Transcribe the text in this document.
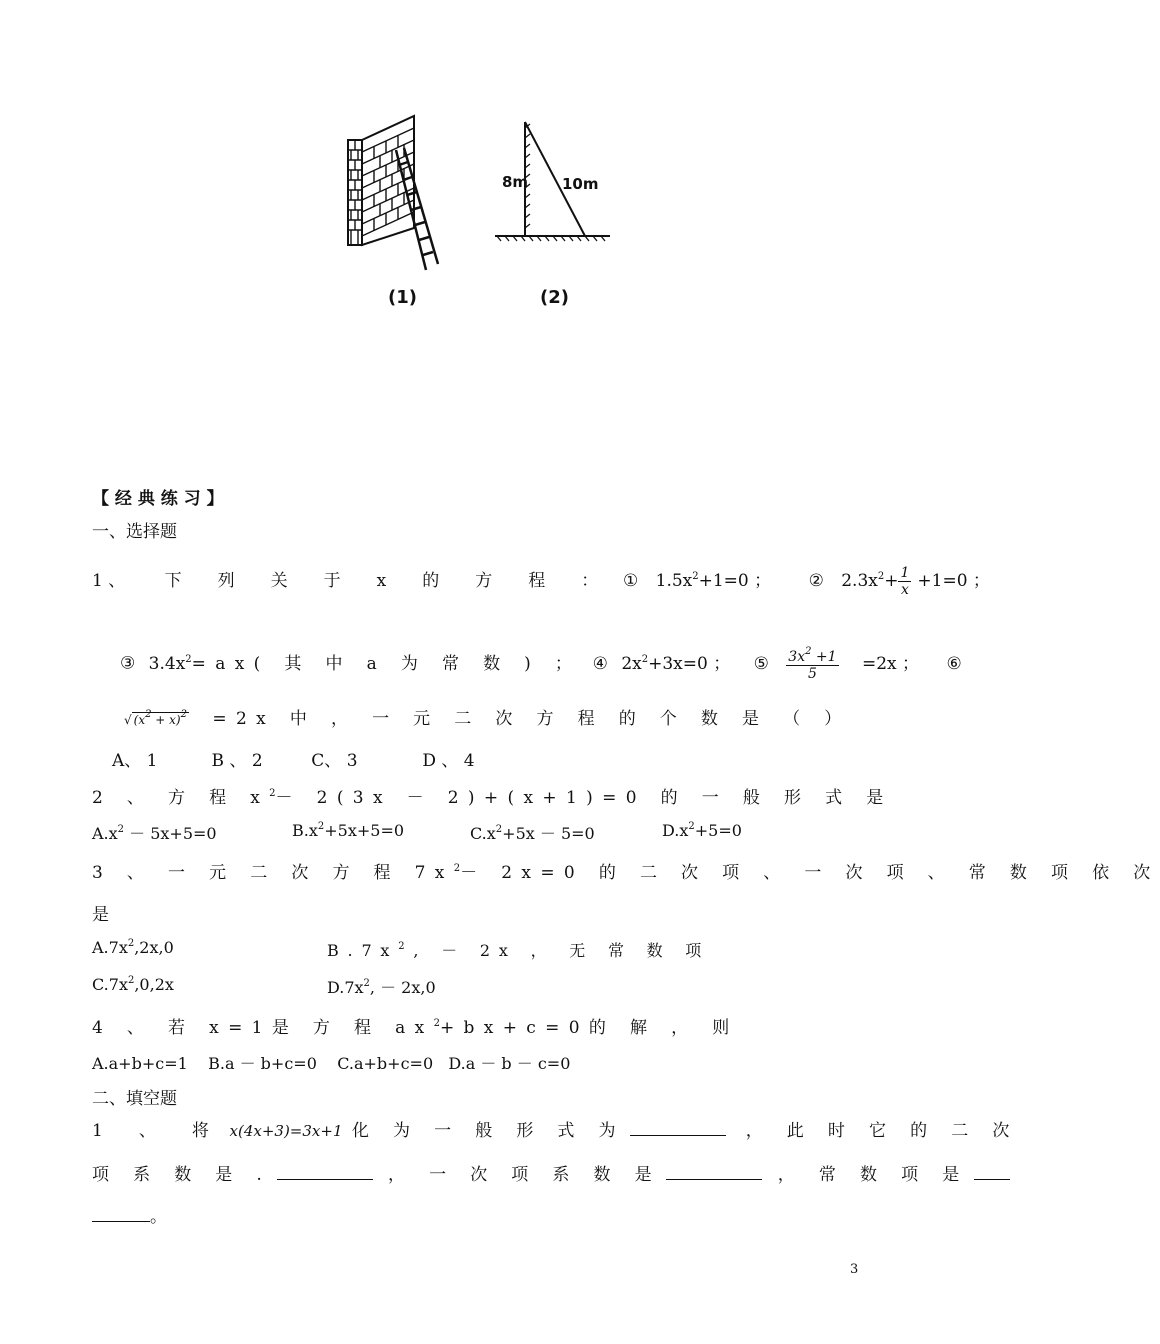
8m 10m
(1)	(2)
【 经 典 练 习 】
一、选择题
1 、 下 列 关 于 x 的 方 程 ： ① $1.5x^2+1=0$ ； ② $2.3x^2+ \frac{1}{x} +1=0$ ；
③ $3.4x^2=ax$( 其 中 a 为 常 数 ) ； ④ $2x^2+3x=0$ ； ⑤ $\frac{3x^2 +1}{5} =2x$ ； ⑥
√ $(x^2 + x)^2 =2x$ 中 ， 一 元 二 次 方 程 的 个 数 是 （ ）
A、 1          B 、 2         C、 3            D 、 4
2 、 方 程 $x^2- 2(3x - 2)+(x+1)=0$ 的 一 般 形 式 是
$A.x^2 - 5x+5=0$	$B.x^2+5x+5=0$	$C.x^2+5x - 5=0$	$D.x^2+5=0$
3 、 一 元 二 次 方 程 $7x^2- 2x=0$ 的 二 次 项 、 一 次 项 、 常 数 项 依 次
是
$A.7x^2,2x,0$	$B.7x^2$, － 2x ， 无 常 数 项
$C.7x^2,0,2x$	$D.7x^2$, － 2x,0
4 、 若 x=1是 方 程 $ax^2+bx+c=0$的 解 ， 则
A.a+b+c=1    B.a － b+c=0    C.a+b+c=0   D.a － b － c=0
二、填空题
1 、 将 x(4x+3)=3x+1 化 为 一 般 形 式 为	， 此 时 它 的 二 次
项 系 数 是 .	， 一 次 项 系 数 是	， 常 数 项 是
。
3
